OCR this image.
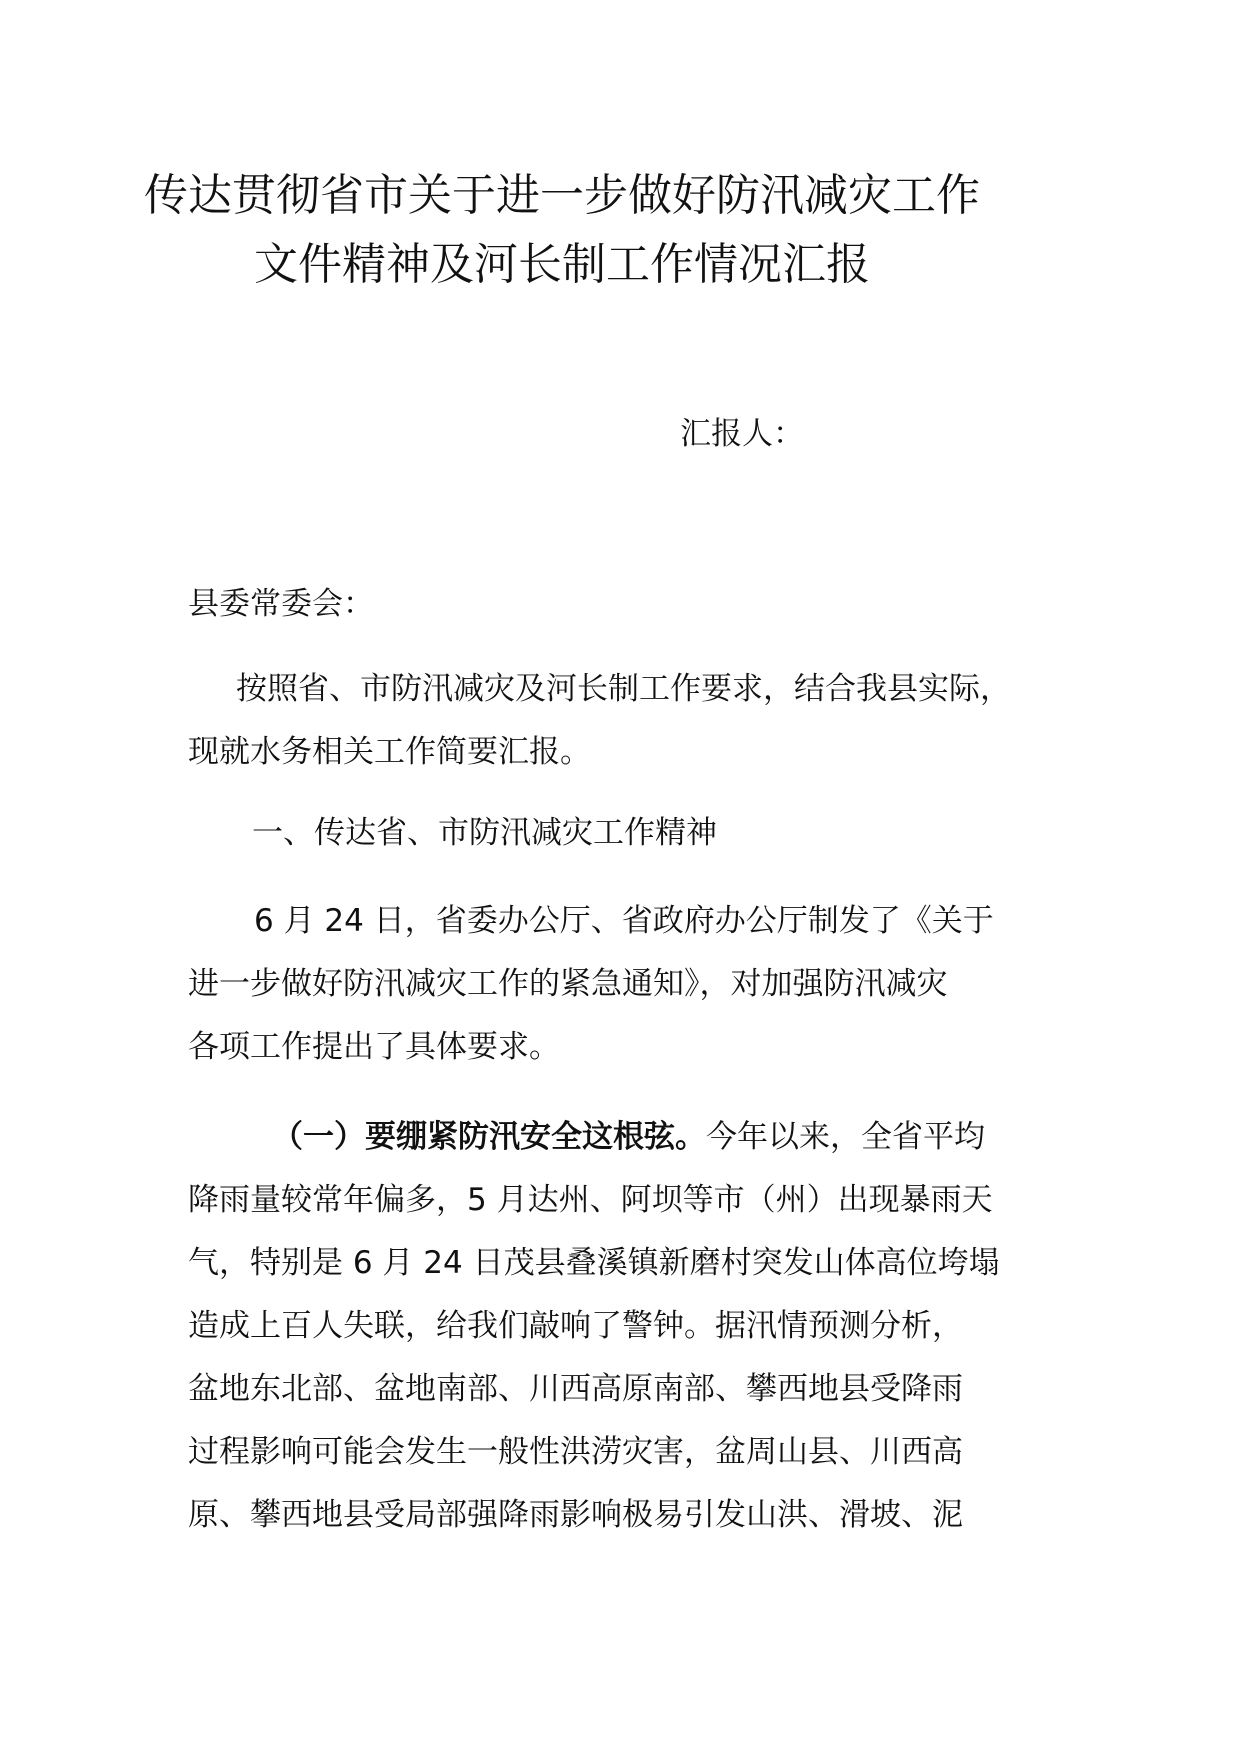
传达贯彻省市关于进一步做好防汛减灾工作
文件精神及河长制工作情况汇报
汇报人：
县委常委会：
按照省、市防汛减灾及河长制工作要求，结合我县实际，
现就水务相关工作简要汇报。
一、传达省、市防汛减灾工作精神
6 月 24 日，省委办公厅、省政府办公厅制发了《关于
进一步做好防汛减灾工作的紧急通知》，对加强防汛减灾
各项工作提出了具体要求。
（一）要绷紧防汛安全这根弦。今年以来，全省平均
降雨量较常年偏多，5 月达州、阿坝等市（州）出现暴雨天
气，特别是 6 月 24 日茂县叠溪镇新磨村突发山体高位垮塌
造成上百人失联，给我们敲响了警钟。据汛情预测分析，
盆地东北部、盆地南部、川西高原南部、攀西地县受降雨
过程影响可能会发生一般性洪涝灾害，盆周山县、川西高
原、攀西地县受局部强降雨影响极易引发山洪、滑坡、泥
